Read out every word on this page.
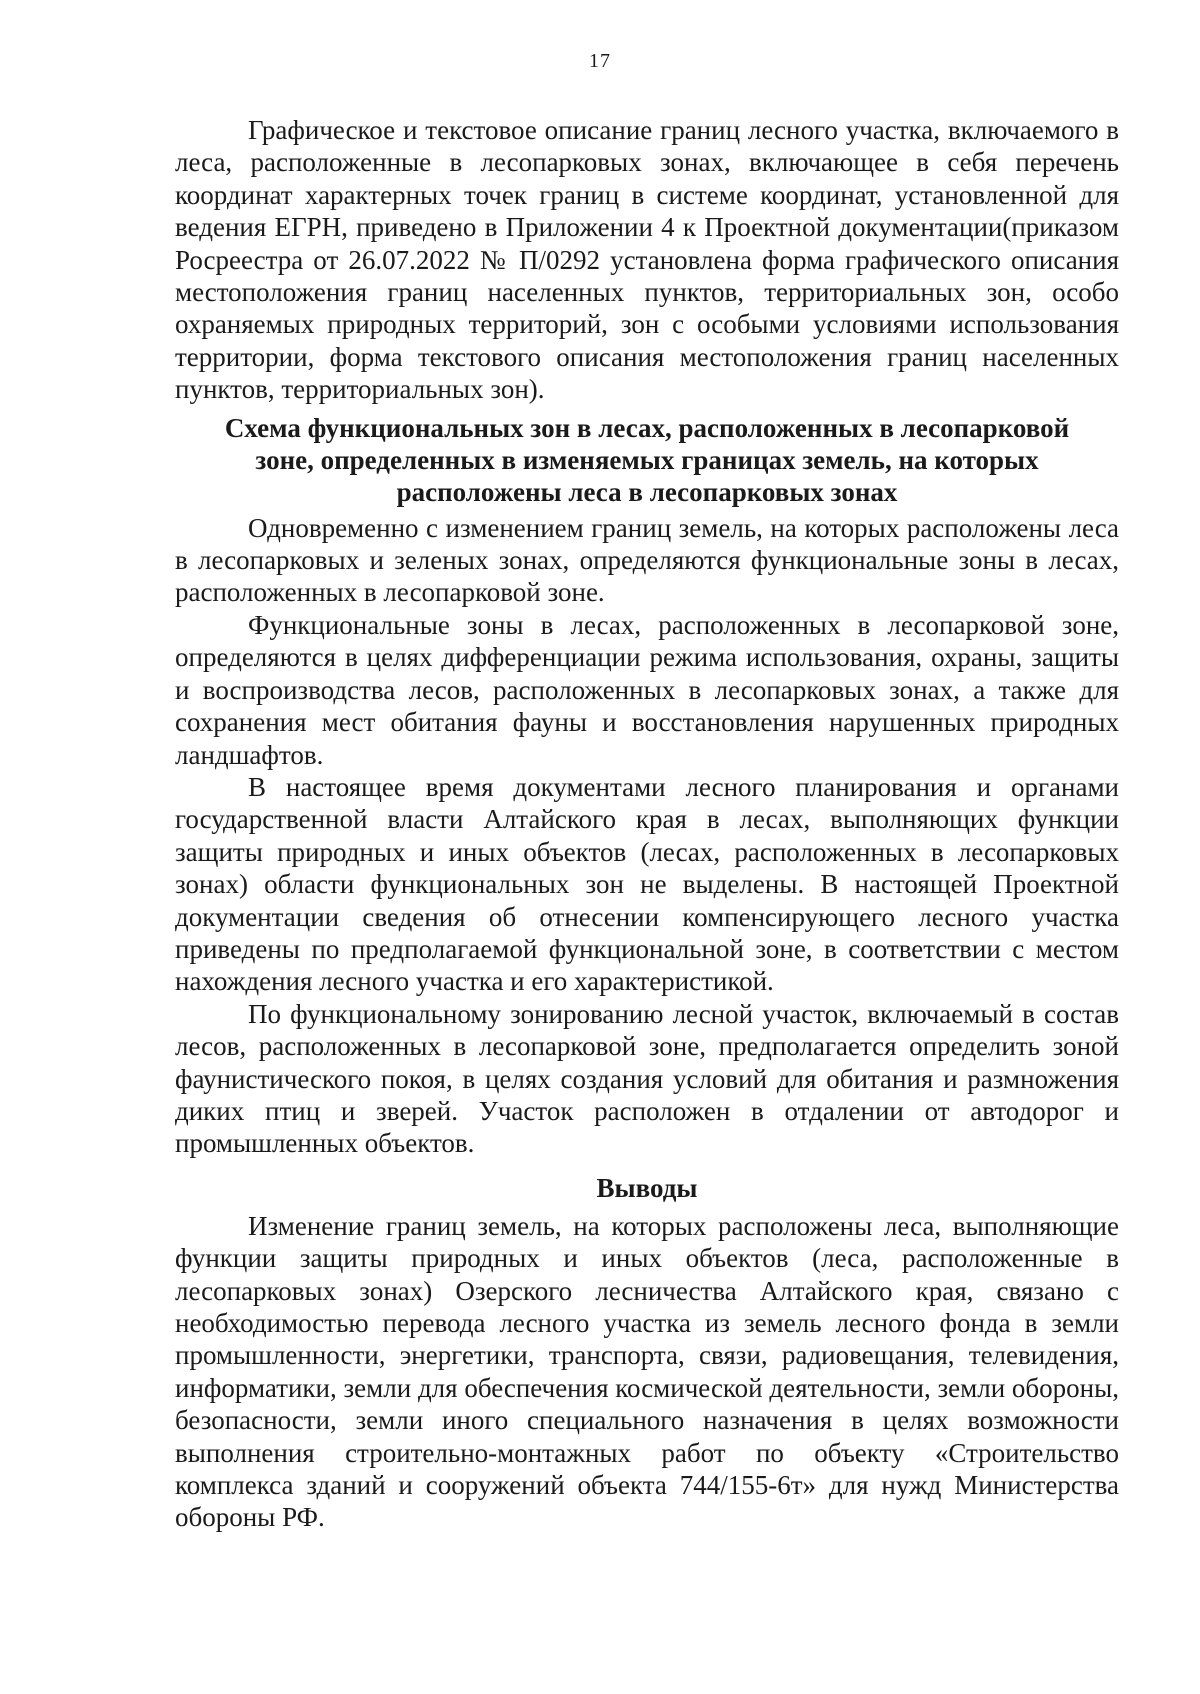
17

Графическое и текстовое описание границ лесного участка, включаемого в леса, расположенные в лесопарковых зонах, включающее в себя перечень координат характерных точек границ в системе координат, установленной для ведения ЕГРН, приведено в Приложении 4 к Проектной документации(приказом Росреестра от 26.07.2022 № П/0292 установлена форма графического описания местоположения границ населенных пунктов, территориальных зон, особо охраняемых природных территорий, зон с особыми условиями использования территории, форма текстового описания местоположения границ населенных пунктов, территориальных зон).

Схема функциональных зон в лесах, расположенных в лесопарковой
зоне, определенных в изменяемых границах земель, на которых
расположены леса в лесопарковых зонах

Одновременно с изменением границ земель, на которых расположены леса в лесопарковых и зеленых зонах, определяются функциональные зоны в лесах, расположенных в лесопарковой зоне.

Функциональные зоны в лесах, расположенных в лесопарковой зоне, определяются в целях дифференциации режима использования, охраны, защиты и воспроизводства лесов, расположенных в лесопарковых зонах, а также для сохранения мест обитания фауны и восстановления нарушенных природных ландшафтов.

В настоящее время документами лесного планирования и органами государственной власти Алтайского края в лесах, выполняющих функции защиты природных и иных объектов (лесах, расположенных в лесопарковых зонах) области функциональных зон не выделены. В настоящей Проектной документации сведения об отнесении компенсирующего лесного участка приведены по предполагаемой функциональной зоне, в соответствии с местом нахождения лесного участка и его характеристикой.

По функциональному зонированию лесной участок, включаемый в состав лесов, расположенных в лесопарковой зоне, предполагается определить зоной фаунистического покоя, в целях создания условий для обитания и размножения диких птиц и зверей. Участок расположен в отдалении от автодорог и промышленных объектов.

Выводы

Изменение границ земель, на которых расположены леса, выполняющие функции защиты природных и иных объектов (леса, расположенные в лесопарковых зонах) Озерского лесничества Алтайского края, связано с необходимостью перевода лесного участка из земель лесного фонда в земли промышленности, энергетики, транспорта, связи, радиовещания, телевидения, информатики, земли для обеспечения космической деятельности, земли обороны, безопасности, земли иного специального назначения в целях возможности выполнения строительно-монтажных работ по объекту «Строительство комплекса зданий и сооружений объекта 744/155-6т» для нужд Министерства обороны РФ.
